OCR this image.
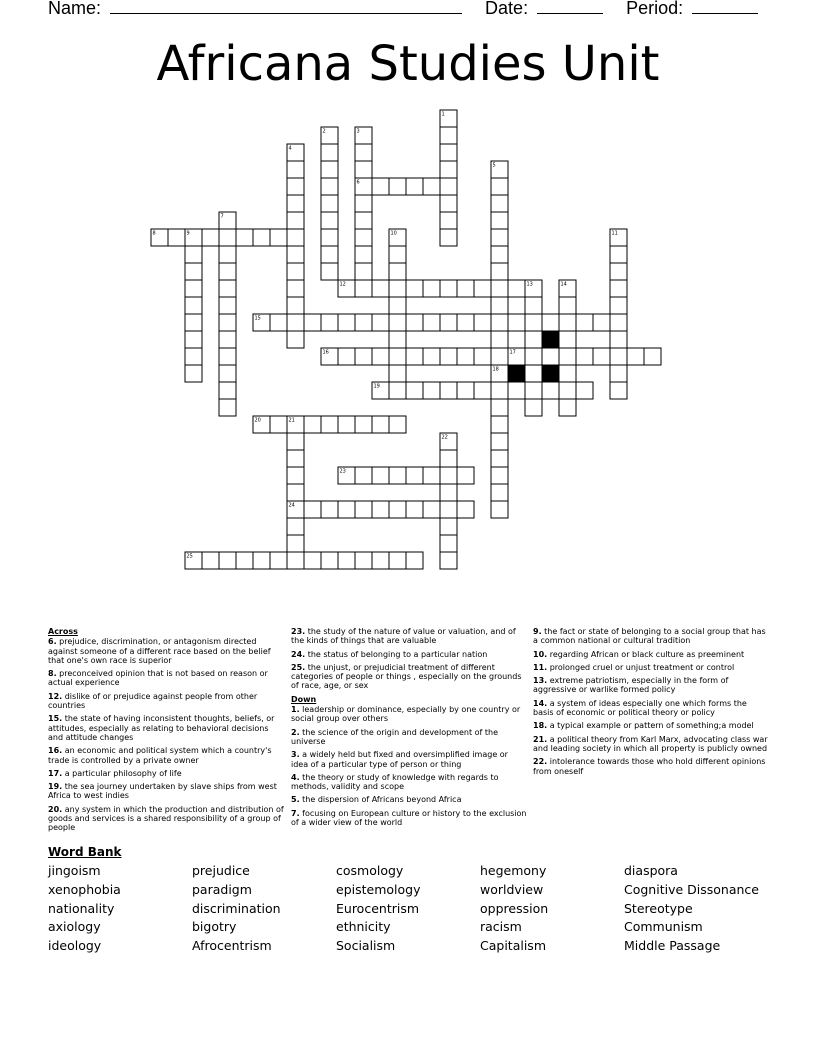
Name:	Date:	Period:
Africana Studies Unit
1
2	3
4
5
6
7
8	9	10	11
12	13	14
15
16	17
18
19
20	21
22
23
24
25
Across
6. prejudice, discrimination, or antagonism directed against someone of a different race based on the belief that one's own race is superior
8. preconceived opinion that is not based on reason or actual experience
12. dislike of or prejudice against people from other countries
15. the state of having inconsistent thoughts, beliefs, or attitudes, especially as relating to behavioral decisions and attitude changes
16. an economic and political system which a country's trade is controlled by a private owner
17. a particular philosophy of life
19. the sea journey undertaken by slave ships from west Africa to west indies
20. any system in which the production and distribution of goods and services is a shared responsibility of a group of people
23. the study of the nature of value or valuation, and of the kinds of things that are valuable
24. the status of belonging to a particular nation
25. the unjust, or prejudicial treatment of different categories of people or things , especially on the grounds of race, age, or sex
Down
1. leadership or dominance, especially by one country or social group over others
2. the science of the origin and development of the universe
3. a widely held but fixed and oversimplified image or idea of a particular type of person or thing
4. the theory or study of knowledge with regards to methods, validity and scope
5. the dispersion of Africans beyond Africa
7. focusing on European culture or history to the exclusion of a wider view of the world
9. the fact or state of belonging to a social group that has a common national or cultural tradition
10. regarding African or black culture as preeminent
11. prolonged cruel or unjust treatment or control
13. extreme patriotism, especially in the form of aggressive or warlike formed policy
14. a system of ideas especially one which forms the basis of economic or political theory or policy
18. a typical example or pattern of something;a model
21. a political theory from Karl Marx, advocating class war and leading society in which all property is publicly owned
22. intolerance towards those who hold different opinions from oneself
Word Bank
jingoism
xenophobia
nationality
axiology
ideology
prejudice
paradigm
discrimination
bigotry
Afrocentrism
cosmology
epistemology
Eurocentrism
ethnicity
Socialism
hegemony
worldview
oppression
racism
Capitalism
diaspora
Cognitive Dissonance
Stereotype
Communism
Middle Passage
